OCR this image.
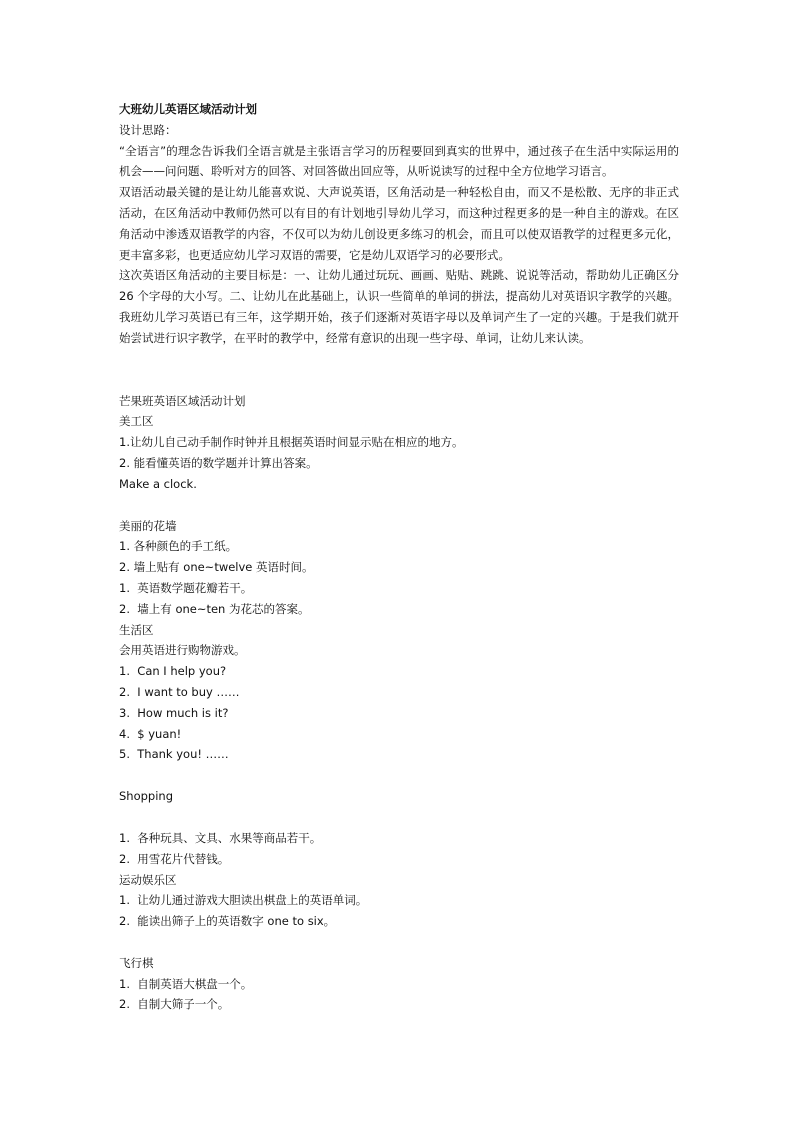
大班幼儿英语区域活动计划

设计思路：

“全语言”的理念告诉我们全语言就是主张语言学习的历程要回到真实的世界中，通过孩子在生活中实际运用的机会——问问题、聆听对方的回答、对回答做出回应等，从听说读写的过程中全方位地学习语言。

双语活动最关键的是让幼儿能喜欢说、大声说英语，区角活动是一种轻松自由，而又不是松散、无序的非正式活动，在区角活动中教师仍然可以有目的有计划地引导幼儿学习，而这种过程更多的是一种自主的游戏。在区角活动中渗透双语教学的内容，不仅可以为幼儿创设更多练习的机会，而且可以使双语教学的过程更多元化，更丰富多彩，也更适应幼儿学习双语的需要，它是幼儿双语学习的必要形式。

这次英语区角活动的主要目标是：一、让幼儿通过玩玩、画画、贴贴、跳跳、说说等活动，帮助幼儿正确区分 26 个字母的大小写。二、让幼儿在此基础上，认识一些简单的单词的拼法，提高幼儿对英语识字教学的兴趣。我班幼儿学习英语已有三年，这学期开始，孩子们逐渐对英语字母以及单词产生了一定的兴趣。于是我们就开始尝试进行识字教学，在平时的教学中，经常有意识的出现一些字母、单词，让幼儿来认读。

芒果班英语区域活动计划

美工区

1.让幼儿自己动手制作时钟并且根据英语时间显示贴在相应的地方。

2. 能看懂英语的数学题并计算出答案。

Make a clock.

美丽的花墙

1. 各种颜色的手工纸。

2. 墙上贴有 one~twelve 英语时间。

1.  英语数学题花瓣若干。

2.  墙上有 one~ten 为花芯的答案。

生活区

会用英语进行购物游戏。

1.  Can I help you?

2.  I want to buy ……

3.  How much is it?

4.  $ yuan!

5.  Thank you! ……

Shopping

1.  各种玩具、文具、水果等商品若干。

2.  用雪花片代替钱。

运动娱乐区

1.  让幼儿通过游戏大胆读出棋盘上的英语单词。

2.  能读出筛子上的英语数字 one to six。

飞行棋

1.  自制英语大棋盘一个。

2.  自制大筛子一个。
